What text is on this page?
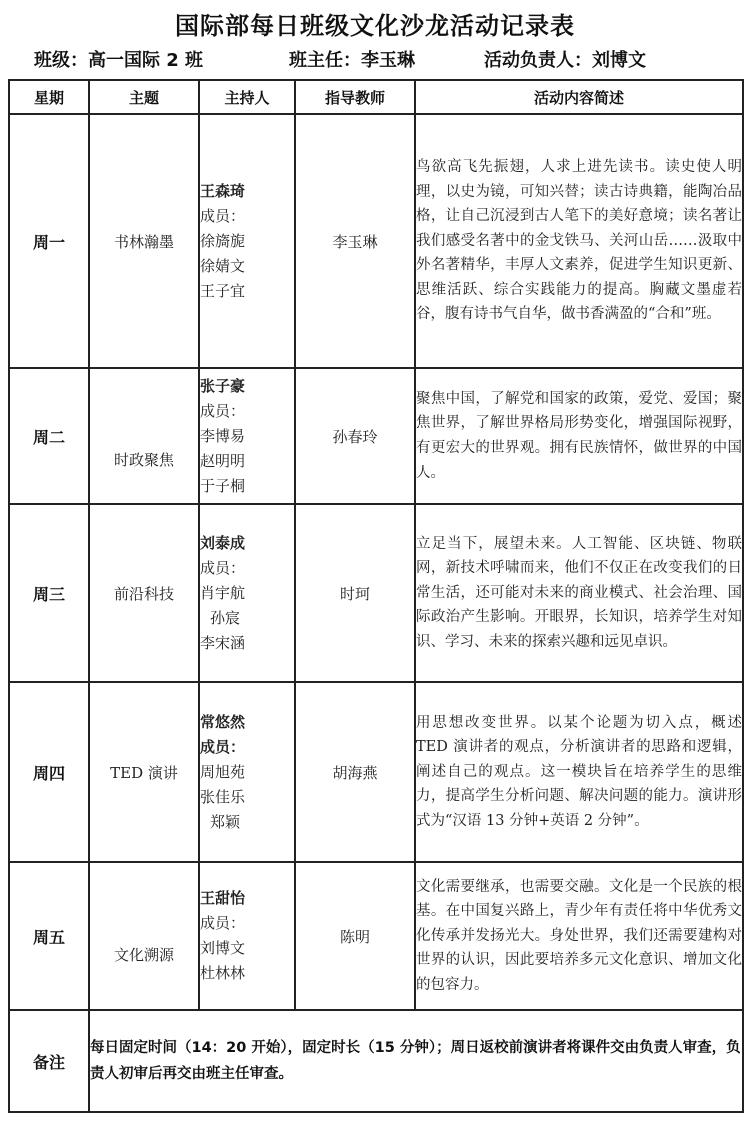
国际部每日班级文化沙龙活动记录表
班级：高一国际 2 班	班主任：李玉琳	活动负责人：刘博文
星期	主题	主持人	指导教师	活动内容简述
周一	书林瀚墨	王森琦
成员：
徐旖旎
徐婧文
王子宜	李玉琳	鸟欲高飞先振翅，人求上进先读书。读史使人明理，以史为镜，可知兴替；读古诗典籍，能陶冶品格，让自己沉浸到古人笔下的美好意境；读名著让我们感受名著中的金戈铁马、关河山岳……汲取中外名著精华，丰厚人文素养，促进学生知识更新、思维活跃、综合实践能力的提高。胸藏文墨虚若谷，腹有诗书气自华，做书香满盈的“合和”班。
周二	时政聚焦	张子豪
成员：
李博易
赵明明
于子桐	孙春玲	聚焦中国，了解党和国家的政策，爱党、爱国；聚焦世界，了解世界格局形势变化，增强国际视野，有更宏大的世界观。拥有民族情怀，做世界的中国人。
周三	前沿科技	刘泰成
成员：
肖宇航
孙宸
李宋涵	时珂	立足当下，展望未来。人工智能、区块链、物联网，新技术呼啸而来，他们不仅正在改变我们的日常生活，还可能对未来的商业模式、社会治理、国际政治产生影响。开眼界，长知识，培养学生对知识、学习、未来的探索兴趣和远见卓识。
周四	TED 演讲	常悠然
成员：
周旭苑
张佳乐
郑颖	胡海燕	用思想改变世界。以某个论题为切入点，概述 TED 演讲者的观点，分析演讲者的思路和逻辑，阐述自己的观点。这一模块旨在培养学生的思维力，提高学生分析问题、解决问题的能力。演讲形式为“汉语 13 分钟+英语 2 分钟”。
周五	文化溯源	王甜怡
成员：
刘博文
杜林林	陈明	文化需要继承，也需要交融。文化是一个民族的根基。在中国复兴路上，青少年有责任将中华优秀文化传承并发扬光大。身处世界，我们还需要建构对世界的认识，因此要培养多元文化意识、增加文化的包容力。
备注	每日固定时间（14：20 开始），固定时长（15 分钟）；周日返校前演讲者将课件交由负责人审查，负责人初审后再交由班主任审查。			
